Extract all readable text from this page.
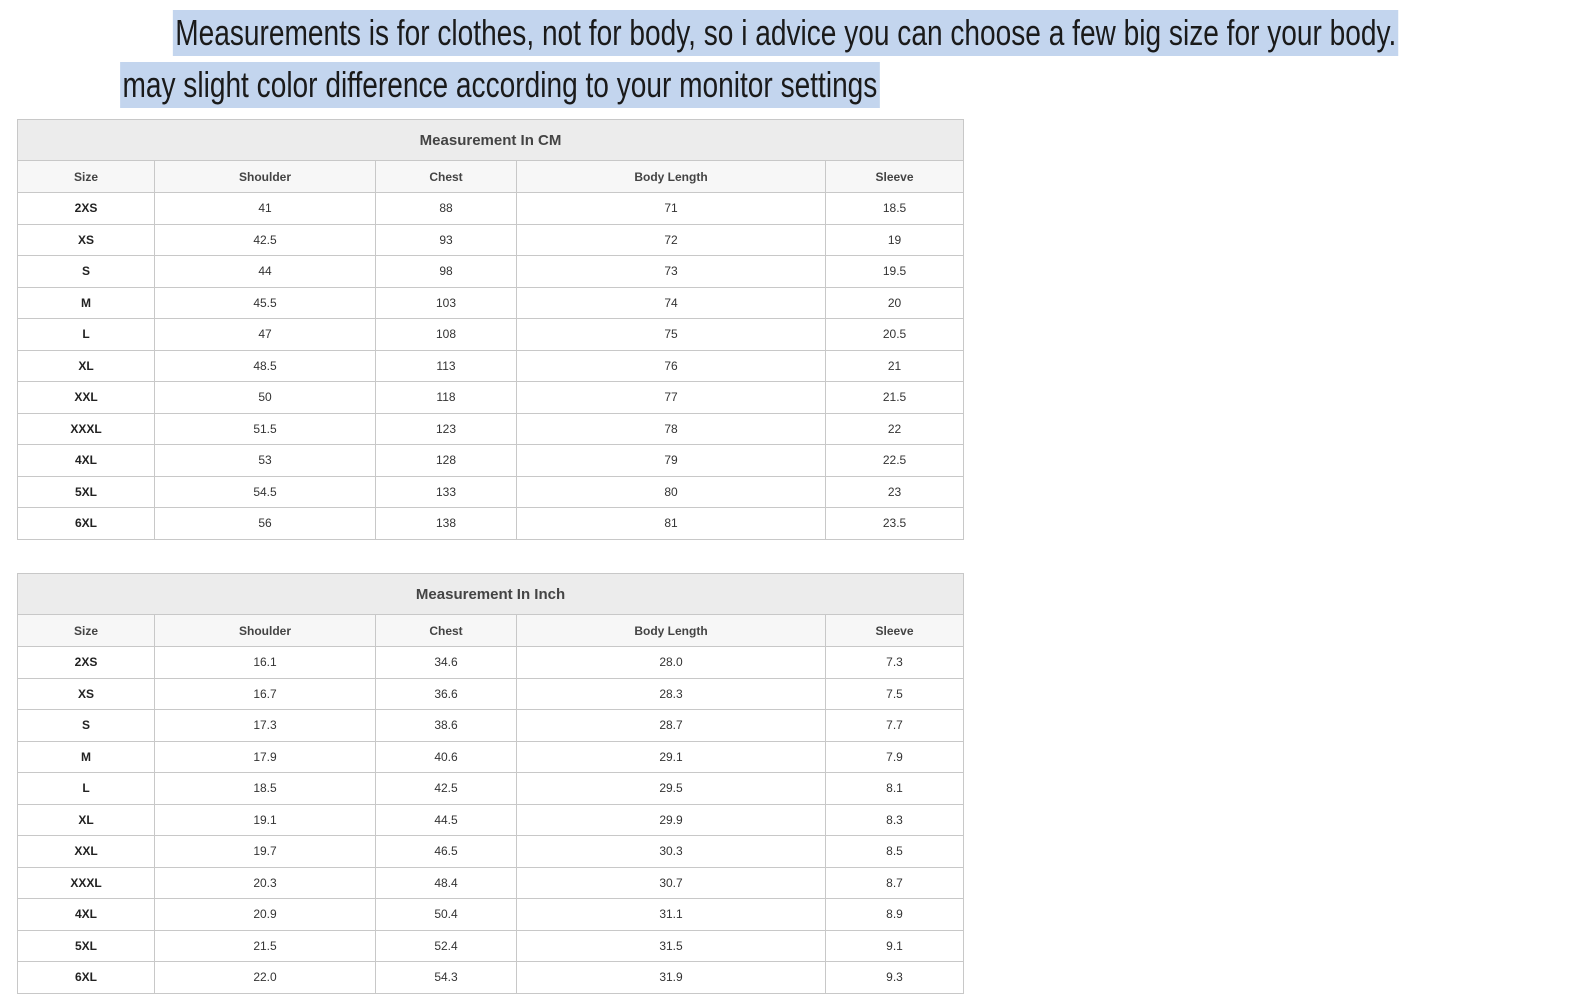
Measurements is for clothes, not for body, so i advice you can choose a few big size for your body.
may slight color difference according to your monitor settings
Measurement In CM				
Size	Shoulder	Chest	Body Length	Sleeve
2XS	41	88	71	18.5
XS	42.5	93	72	19
S	44	98	73	19.5
M	45.5	103	74	20
L	47	108	75	20.5
XL	48.5	113	76	21
XXL	50	118	77	21.5
XXXL	51.5	123	78	22
4XL	53	128	79	22.5
5XL	54.5	133	80	23
6XL	56	138	81	23.5
Measurement In Inch				
Size	Shoulder	Chest	Body Length	Sleeve
2XS	16.1	34.6	28.0	7.3
XS	16.7	36.6	28.3	7.5
S	17.3	38.6	28.7	7.7
M	17.9	40.6	29.1	7.9
L	18.5	42.5	29.5	8.1
XL	19.1	44.5	29.9	8.3
XXL	19.7	46.5	30.3	8.5
XXXL	20.3	48.4	30.7	8.7
4XL	20.9	50.4	31.1	8.9
5XL	21.5	52.4	31.5	9.1
6XL	22.0	54.3	31.9	9.3
